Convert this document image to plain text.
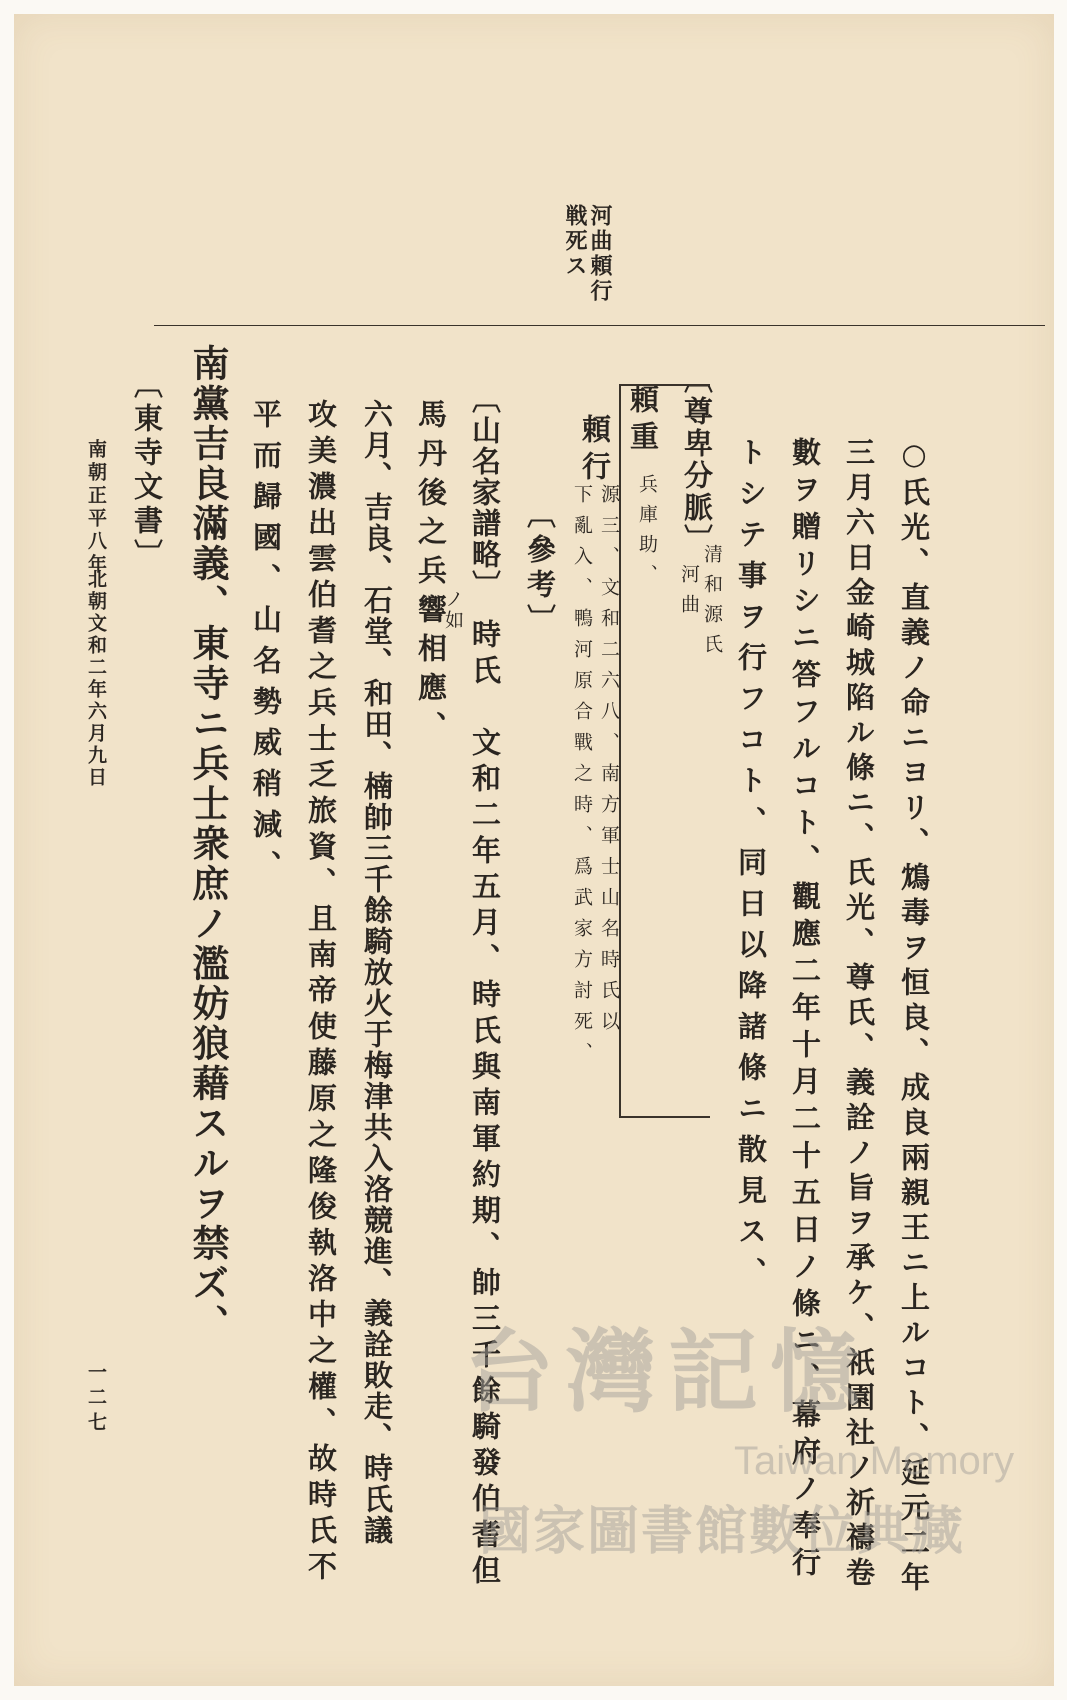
河曲頼行
戦死ス
○氏光、直義ノ命ニヨリ、鴆毒ヲ恒良、成良兩親王ニ上ルコト、延元二年
三月六日金崎城陷ル條ニ、氏光、尊氏、義詮ノ旨ヲ承ケ、祇園社ノ祈禱卷
數ヲ贈リシニ答フルコト、觀應二年十月二十五日ノ條ニ、幕府ノ奉行
トシテ事ヲ行フコト、同日以降諸條ニ散見ス、
〔尊卑分脈〕
清和源氏
河曲
頼重
兵庫助、
源三、文和二六八、南方軍士山名時氏以
頼行
下亂入、鴨河原合戰之時、爲武家方討死、
〔參考〕
〔山名家譜略〕
時氏　文和二年五月、時氏與南軍約期、帥三千餘騎發伯耆但
ノ如
馬丹後之兵響相應、
六月、吉良、石堂、和田、楠帥三千餘騎放火于梅津共入洛競進、義詮敗走、時氏議
攻美濃出雲伯耆之兵士乏旅資、且南帝使藤原之隆俊執洛中之權、故時氏不
平而歸國、山名勢威稍減、
南黨吉良滿義、東寺ニ兵士衆庶ノ濫妨狼藉スルヲ禁ズ、
〔東寺文書〕
南朝正平八年
北朝文和二年六月九日
一二七	台灣記憶
Taiwan Memory
國家圖書館數位典藏
